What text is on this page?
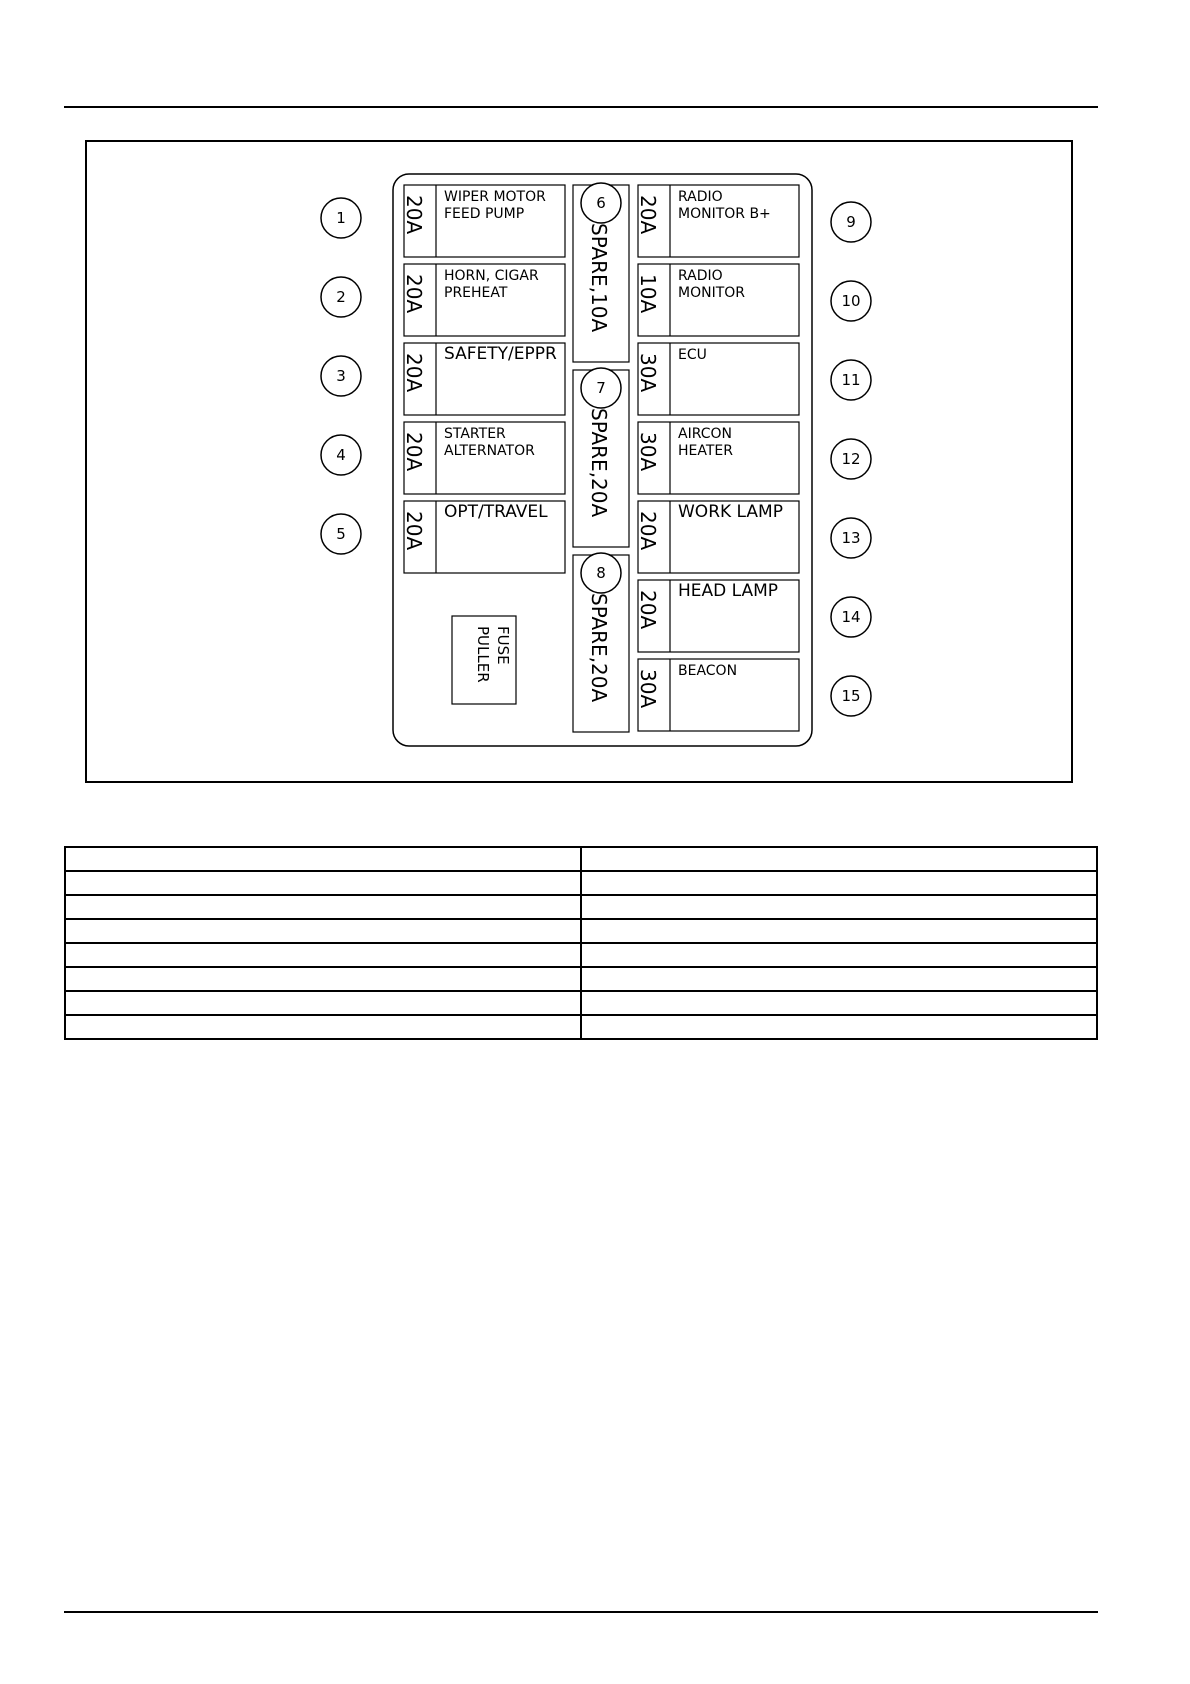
20A WIPER MOTOR
FEED PUMP
1
20A HORN, CIGAR
PREHEAT
2
20A SAFETY/EPPR
3
20A STARTER
ALTERNATOR
4
20A OPT/TRAVEL
5
20A RADIO
MONITOR B+	9
10A RADIO
MONITOR	10
30A ECU
11
30A AIRCON
HEATER	12
20A WORK LAMP
13
20A HEAD LAMP
14
30A BEACON
15
SPARE,10A
6
SPARE,20A
7
SPARE,20A
8
FUSE
PULLER
